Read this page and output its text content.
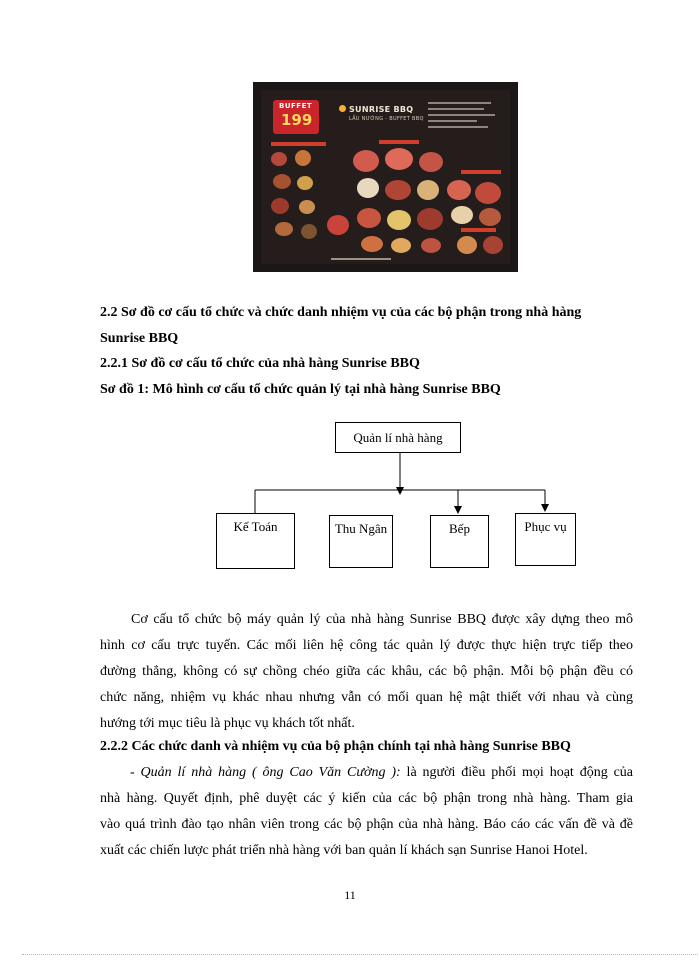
BUFFET
199
SUNRISE BBQ
LẨU NƯỚNG - BUFFET BBQ
2.2 Sơ đồ cơ cấu tổ chức và chức danh nhiệm vụ của các bộ phận trong nhà hàng
Sunrise BBQ
2.2.1 Sơ đồ cơ cấu tổ chức của nhà hàng Sunrise BBQ
Sơ đồ 1: Mô hình cơ cấu tổ chức quản lý tại nhà hàng Sunrise BBQ
Quản lí nhà hàng
Kế Toán	Thu Ngân	Bếp	Phục vụ

Cơ cấu tổ chức bộ máy quản lý của nhà hàng Sunrise BBQ được xây dựng theo mô

hình cơ cấu trực tuyến. Các mối liên hệ công tác quản lý được thực hiện trực tiếp theo

đường thẳng, không có sự chồng chéo giữa các khâu, các bộ phận. Mỗi bộ phận đều có

chức năng, nhiệm vụ khác nhau nhưng vẫn có mối quan hệ mật thiết với nhau và cùng

hướng tới mục tiêu là phục vụ khách tốt nhất.

2.2.2 Các chức danh và nhiệm vụ của bộ phận chính tại nhà hàng Sunrise BBQ

- Quản lí nhà hàng ( ông Cao Văn Cường ): là người điều phối mọi hoạt động của

nhà hàng. Quyết định, phê duyệt các ý kiến của các bộ phận trong nhà hàng. Tham gia

vào quá trình đào tạo nhân viên trong các bộ phận của nhà hàng. Báo cáo các vấn đề và đề

xuất các chiến lược phát triển nhà hàng với ban quản lí khách sạn Sunrise Hanoi Hotel.

11
